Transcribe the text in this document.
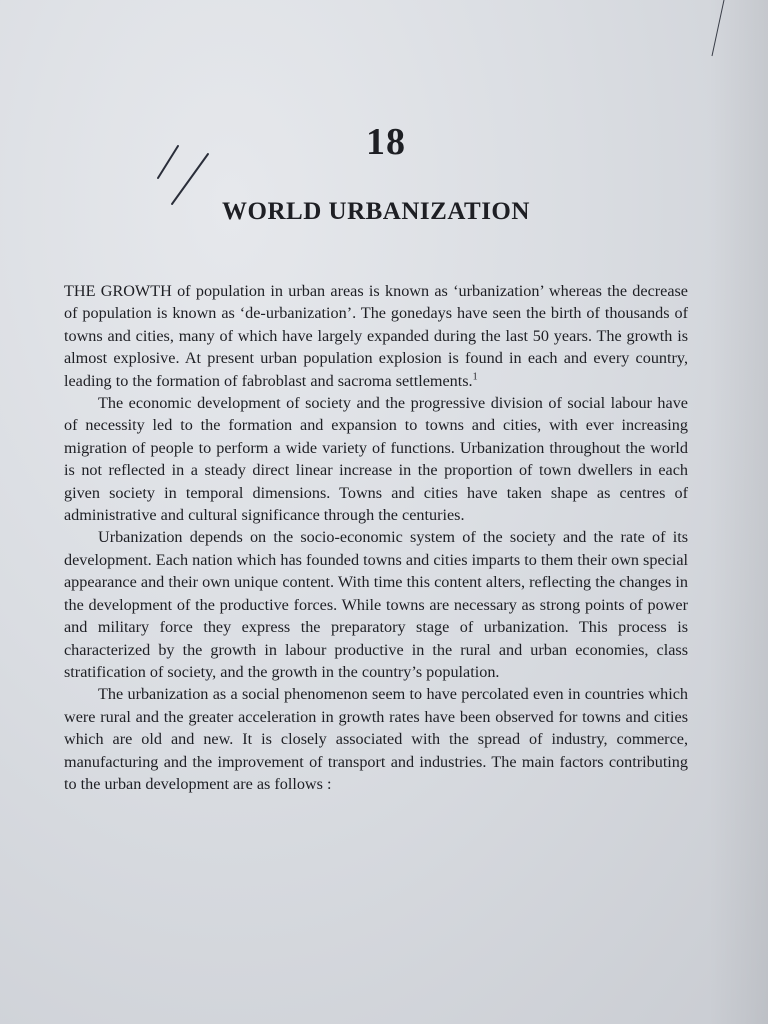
18
WORLD URBANIZATION

THE GROWTH of population in urban areas is known as ‘urbanization’ whereas the decrease of population is known as ‘de-urbanization’. The gonedays have seen the birth of thousands of towns and cities, many of which have largely expanded during the last 50 years. The growth is almost explosive. At present urban population explosion is found in each and every country, leading to the formation of fabroblast and sacroma settlements.$^1$

The economic development of society and the progressive division of social labour have of necessity led to the formation and expansion to towns and cities, with ever increasing migration of people to perform a wide variety of functions. Urbanization throughout the world is not reflected in a steady direct linear increase in the proportion of town dwellers in each given society in temporal dimensions. Towns and cities have taken shape as centres of administrative and cultural significance through the centuries.

Urbanization depends on the socio-economic system of the society and the rate of its development. Each nation which has founded towns and cities imparts to them their own special appearance and their own unique content. With time this content alters, reflecting the changes in the development of the productive forces. While towns are necessary as strong points of power and military force they express the preparatory stage of urbanization. This process is characterized by the growth in labour productive in the rural and urban economies, class stratification of society, and the growth in the country’s population.

The urbanization as a social phenomenon seem to have percolated even in countries which were rural and the greater acceleration in growth rates have been observed for towns and cities which are old and new. It is closely associated with the spread of industry, commerce, manufacturing and the improvement of transport and industries. The main factors contributing to the urban development are as follows :
